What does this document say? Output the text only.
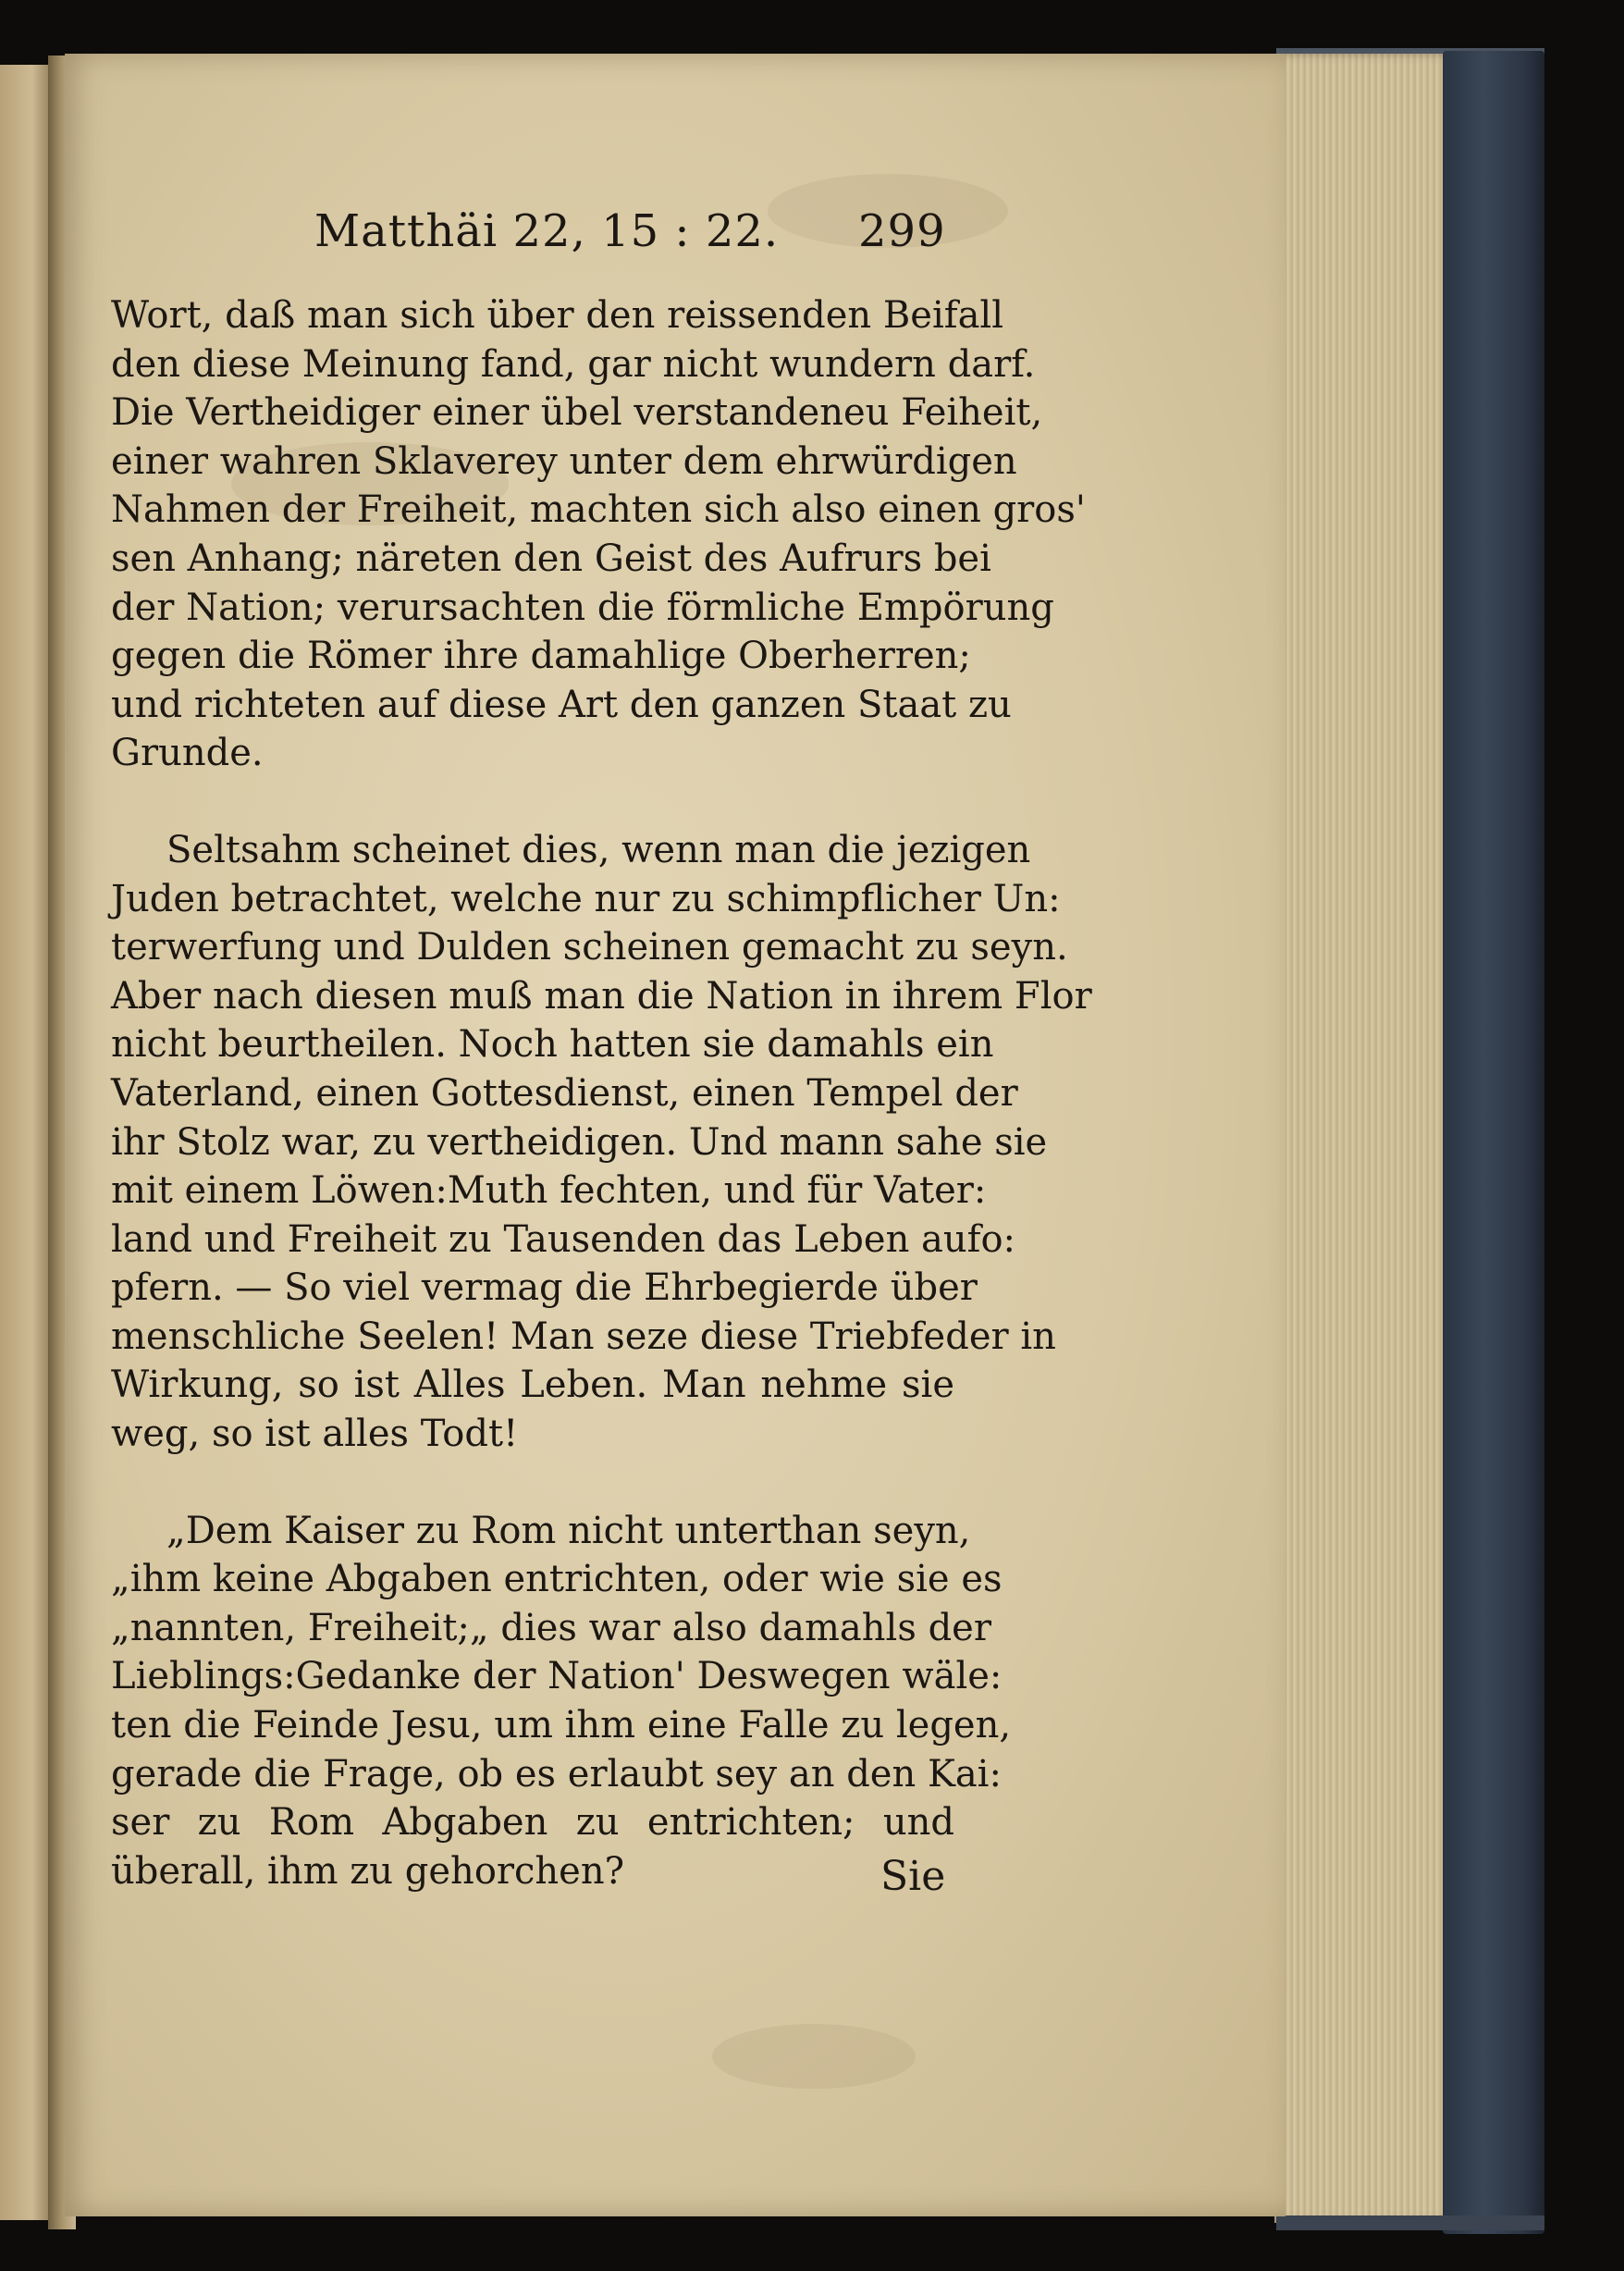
Matthäi 22, 15 : 22. 299
Wort, daß man sich über den reissenden Beifall
den diese Meinung fand, gar nicht wundern darf.
Die Vertheidiger einer übel verstandeneu Feiheit,
einer wahren Sklaverey unter dem ehrwürdigen
Nahmen der Freiheit, machten sich also einen gros'
sen Anhang; näreten den Geist des Aufrurs bei
der Nation; verursachten die förmliche Empörung
gegen die Römer ihre damahlige Oberherren;
und richteten auf diese Art den ganzen Staat zu
Grunde.
Seltsahm scheinet dies, wenn man die jezigen
Juden betrachtet, welche nur zu schimpflicher Un:
terwerfung und Dulden scheinen gemacht zu seyn.
Aber nach diesen muß man die Nation in ihrem Flor
nicht beurtheilen. Noch hatten sie damahls ein
Vaterland, einen Gottesdienst, einen Tempel der
ihr Stolz war, zu vertheidigen. Und mann sahe sie
mit einem Löwen:Muth fechten, und für Vater:
land und Freiheit zu Tausenden das Leben aufo:
pfern. — So viel vermag die Ehrbegierde über
menschliche Seelen! Man seze diese Triebfeder in
Wirkung, so ist Alles Leben. Man nehme sie
weg, so ist alles Todt!
„Dem Kaiser zu Rom nicht unterthan seyn,
„ihm keine Abgaben entrichten, oder wie sie es
„nannten, Freiheit;„ dies war also damahls der
Lieblings:Gedanke der Nation' Deswegen wäle:
ten die Feinde Jesu, um ihm eine Falle zu legen,
gerade die Frage, ob es erlaubt sey an den Kai:
ser zu Rom Abgaben zu entrichten; und
überall, ihm zu gehorchen?	Sie
